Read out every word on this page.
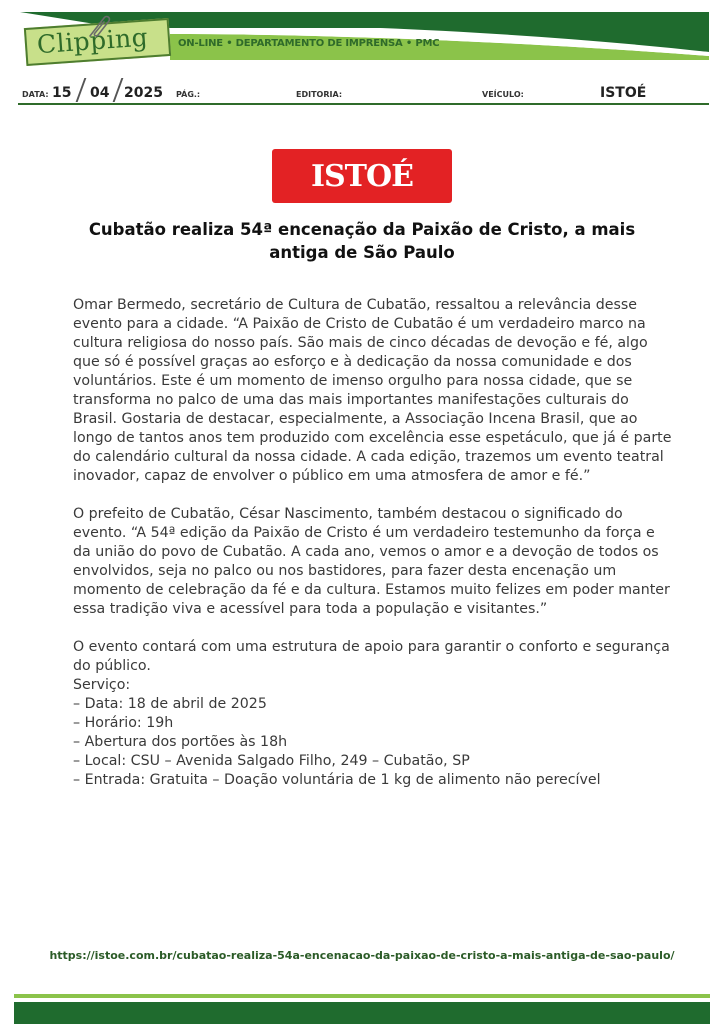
Clipping	ON-LINE • DEPARTAMENTO DE IMPRENSA • PMC
DATA: 15 04 2025 PÁG.:	EDITORIA:	VEÍCULO:	ISTOÉ
ISTOÉ
Cubatão realiza 54ª encenação da Paixão de Cristo, a mais antiga de São Paulo

Omar Bermedo, secretário de Cultura de Cubatão, ressaltou a relevância desse evento para a cidade. “A Paixão de Cristo de Cubatão é um verdadeiro marco na cultura religiosa do nosso país. São mais de cinco décadas de devoção e fé, algo que só é possível graças ao esforço e à dedicação da nossa comunidade e dos voluntários. Este é um momento de imenso orgulho para nossa cidade, que se transforma no palco de uma das mais importantes manifestações culturais do Brasil. Gostaria de destacar, especialmente, a Associação Incena Brasil, que ao longo de tantos anos tem produzido com excelência esse espetáculo, que já é parte do calendário cultural da nossa cidade. A cada edição, trazemos um evento teatral inovador, capaz de envolver o público em uma atmosfera de amor e fé.”

O prefeito de Cubatão, César Nascimento, também destacou o significado do evento. “A 54ª edição da Paixão de Cristo é um verdadeiro testemunho da força e da união do povo de Cubatão. A cada ano, vemos o amor e a devoção de todos os envolvidos, seja no palco ou nos bastidores, para fazer desta encenação um momento de celebração da fé e da cultura. Estamos muito felizes em poder manter essa tradição viva e acessível para toda a população e visitantes.”

O evento contará com uma estrutura de apoio para garantir o conforto e segurança do público.

Serviço:
– Data: 18 de abril de 2025
– Horário: 19h
– Abertura dos portões às 18h
– Local: CSU – Avenida Salgado Filho, 249 – Cubatão, SP
– Entrada: Gratuita – Doação voluntária de 1 kg de alimento não perecível
https://istoe.com.br/cubatao-realiza-54a-encenacao-da-paixao-de-cristo-a-mais-antiga-de-sao-paulo/
